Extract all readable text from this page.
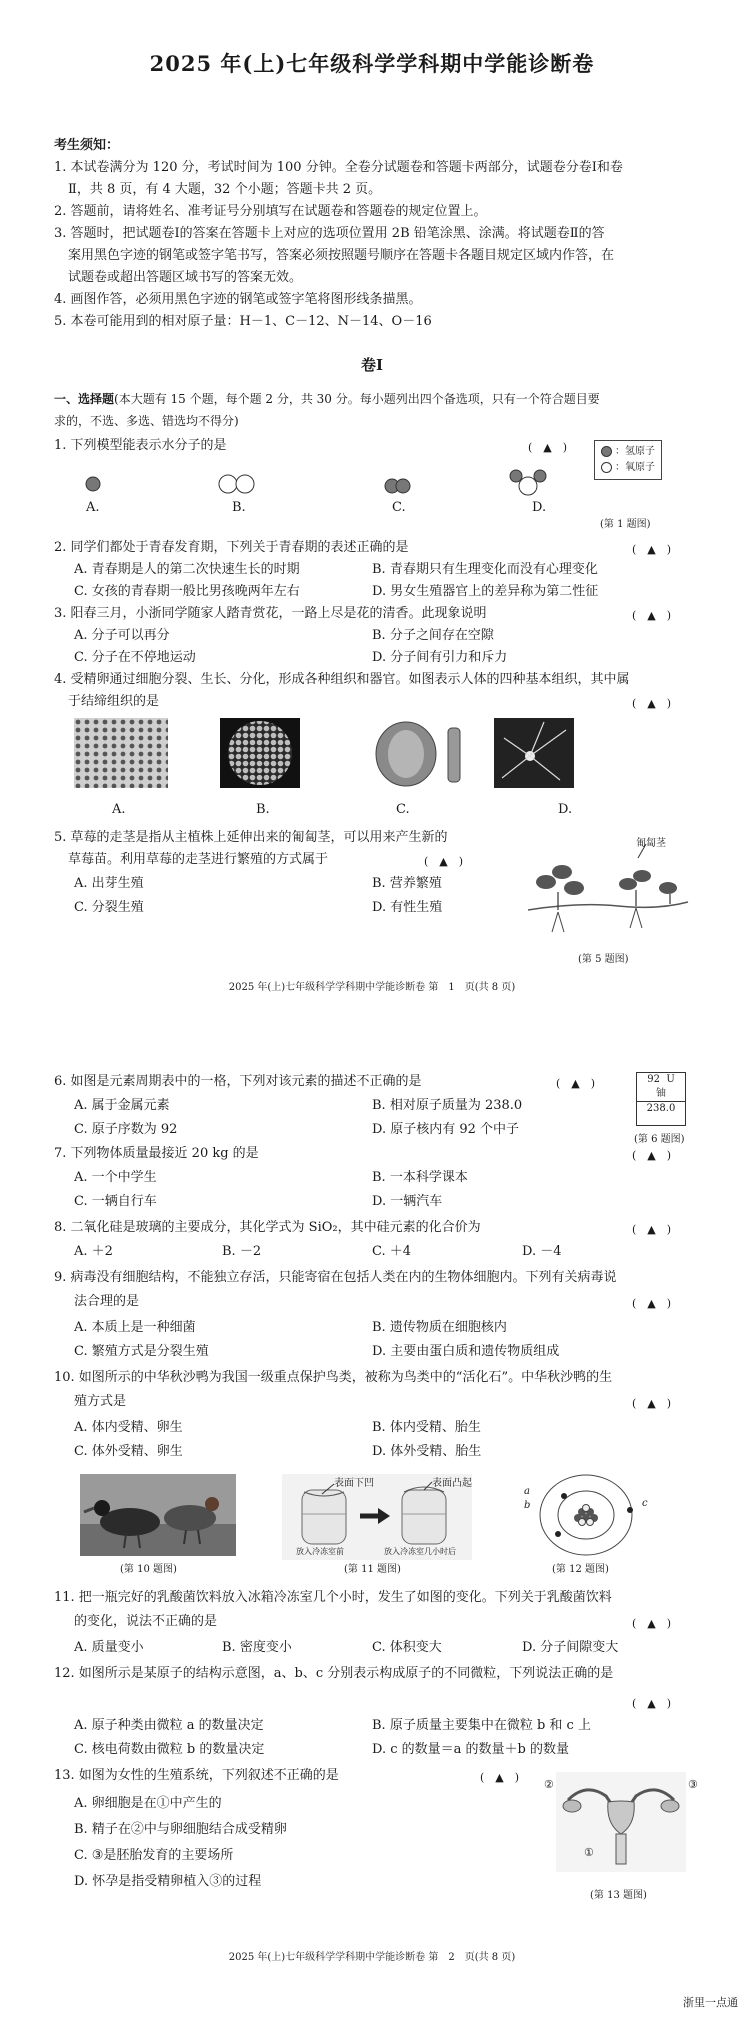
2025 年(上)七年级科学学科期中学能诊断卷
考生须知：
1. 本试卷满分为 120 分，考试时间为 100 分钟。全卷分试题卷和答题卡两部分，试题卷分卷Ⅰ和卷
Ⅱ，共 8 页，有 4 大题，32 个小题；答题卡共 2 页。
2. 答题前，请将姓名、准考证号分别填写在试题卷和答题卷的规定位置上。
3. 答题时，把试题卷Ⅰ的答案在答题卡上对应的选项位置用 2B 铅笔涂黑、涂满。将试题卷Ⅱ的答
案用黑色字迹的钢笔或签字笔书写，答案必须按照题号顺序在答题卡各题目规定区域内作答，在
试题卷或超出答题区域书写的答案无效。
4. 画图作答，必须用黑色字迹的钢笔或签字笔将图形线条描黑。
5. 本卷可能用到的相对原子量：H－1、C－12、N－14、O－16
卷Ⅰ
一、选择题(本大题有 15 个题，每个题 2 分，共 30 分。每小题列出四个备选项，只有一个符合题目要
求的，不选、多选、错选均不得分)
1. 下列模型能表示水分子的是	(　▲　)	：氢原子
：氧原子
A.	B.	C.	D.
(第 1 题图)
2. 同学们都处于青春发育期，下列关于青春期的表述正确的是	(　▲　)
A. 青春期是人的第二次快速生长的时期	B. 青春期只有生理变化而没有心理变化
C. 女孩的青春期一般比男孩晚两年左右	D. 男女生殖器官上的差异称为第二性征
3. 阳春三月，小浙同学随家人踏青赏花，一路上尽是花的清香。此现象说明	(　▲　)
A. 分子可以再分	B. 分子之间存在空隙
C. 分子在不停地运动	D. 分子间有引力和斥力
4. 受精卵通过细胞分裂、生长、分化，形成各种组织和器官。如图表示人体的四种基本组织，其中属
于结缔组织的是	(　▲　)
A.	B.	C.	D.
5. 草莓的走茎是指从主植株上延伸出来的匍匐茎，可以用来产生新的
草莓苗。利用草莓的走茎进行繁殖的方式属于	(　▲　)
A. 出芽生殖	B. 营养繁殖
C. 分裂生殖	D. 有性生殖
匍匐茎
(第 5 题图)
2025 年(上)七年级科学学科期中学能诊断卷 第　1　页(共 8 页)
6. 如图是元素周期表中的一格，下列对该元素的描述不正确的是	(　▲　)	92 U
铀
238.0
A. 属于金属元素	B. 相对原子质量为 238.0
C. 原子序数为 92	D. 原子核内有 92 个中子
(第 6 题图)
7. 下列物体质量最接近 20 kg 的是	(　▲　)
A. 一个中学生	B. 一本科学课本
C. 一辆自行车	D. 一辆汽车
8. 二氧化硅是玻璃的主要成分，其化学式为 SiO₂，其中硅元素的化合价为	(　▲　)
A. ＋2	B. －2	C. ＋4	D. －4
9. 病毒没有细胞结构，不能独立存活，只能寄宿在包括人类在内的生物体细胞内。下列有关病毒说
法合理的是	(　▲　)
A. 本质上是一种细菌	B. 遗传物质在细胞核内
C. 繁殖方式是分裂生殖	D. 主要由蛋白质和遗传物质组成
10. 如图所示的中华秋沙鸭为我国一级重点保护鸟类，被称为鸟类中的“活化石”。中华秋沙鸭的生
殖方式是	(　▲　)
A. 体内受精、卵生	B. 体内受精、胎生
C. 体外受精、卵生	D. 体外受精、胎生
(第 10 题图)
表面下凹	表面凸起
放入冷冻室前	放入冷冻室几小时后
(第 11 题图)
a
b	c
(第 12 题图)
11. 把一瓶完好的乳酸菌饮料放入冰箱冷冻室几个小时，发生了如图的变化。下列关于乳酸菌饮料
的变化，说法不正确的是	(　▲　)
A. 质量变小	B. 密度变小	C. 体积变大	D. 分子间隙变大
12. 如图所示是某原子的结构示意图，a、b、c 分别表示构成原子的不同微粒，下列说法正确的是
(　▲　)
A. 原子种类由微粒 a 的数量决定	B. 原子质量主要集中在微粒 b 和 c 上
C. 核电荷数由微粒 b 的数量决定	D. c 的数量＝a 的数量＋b 的数量
13. 如图为女性的生殖系统，下列叙述不正确的是	(　▲　)
A. 卵细胞是在①中产生的
B. 精子在②中与卵细胞结合成受精卵
C. ③是胚胎发育的主要场所
D. 怀孕是指受精卵植入③的过程
②	③
①
(第 13 题图)
2025 年(上)七年级科学学科期中学能诊断卷 第　2　页(共 8 页)
浙里一点通
